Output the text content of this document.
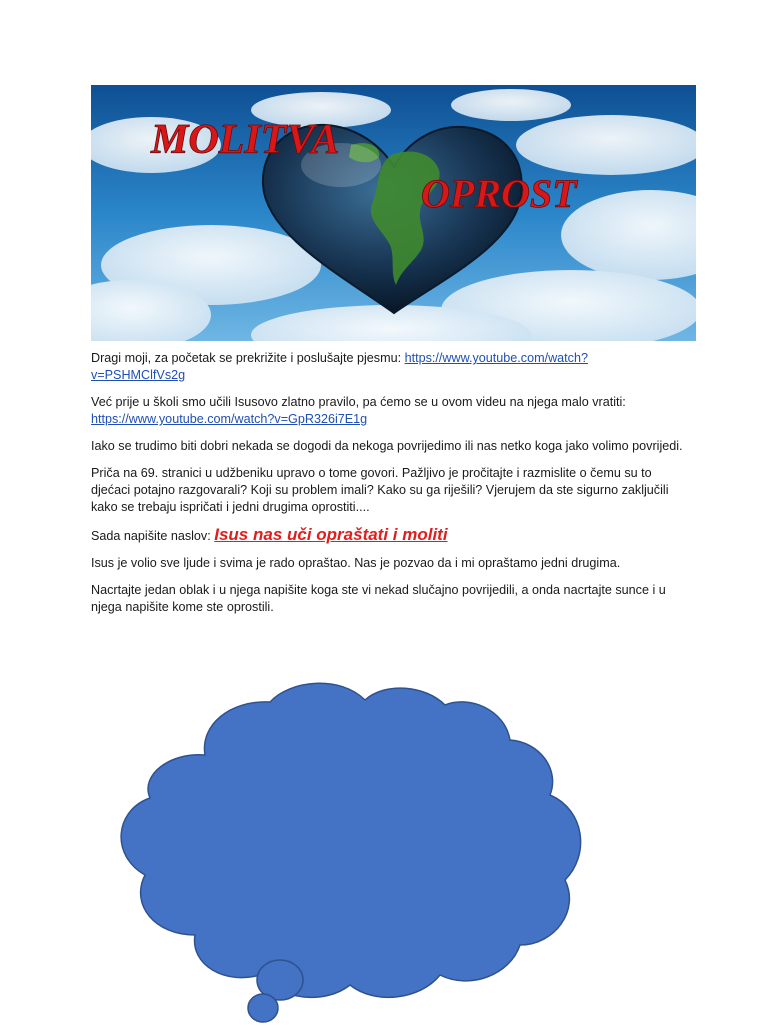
MOLITVA
OPROST

Dragi moji, za početak se prekrižite i poslušajte pjesmu: https://www.youtube.com/watch?
v=PSHMClfVs2g

Već prije u školi smo učili Isusovo zlatno pravilo, pa ćemo se u ovom videu na njega malo vratiti:
https://www.youtube.com/watch?v=GpR326i7E1g

Iako se trudimo biti dobri nekada se dogodi da nekoga povrijedimo ili nas netko koga jako volimo povrijedi.

Priča na 69. stranici u udžbeniku upravo o tome govori. Pažljivo je pročitajte i razmislite o čemu su to djećaci potajno razgovarali? Koji su problem imali? Kako su ga riješili? Vjerujem da ste sigurno zaključili kako se trebaju ispričati i jedni drugima oprostiti....

Sada napišite naslov: Isus nas uči opraštati i moliti

Isus je volio sve ljude i svima je rado opraštao. Nas je pozvao da i mi opraštamo jedni drugima.

Nacrtajte jedan oblak i u njega napišite koga ste vi nekad slučajno povrijedili, a onda nacrtajte sunce i u njega napišite kome ste oprostili.
